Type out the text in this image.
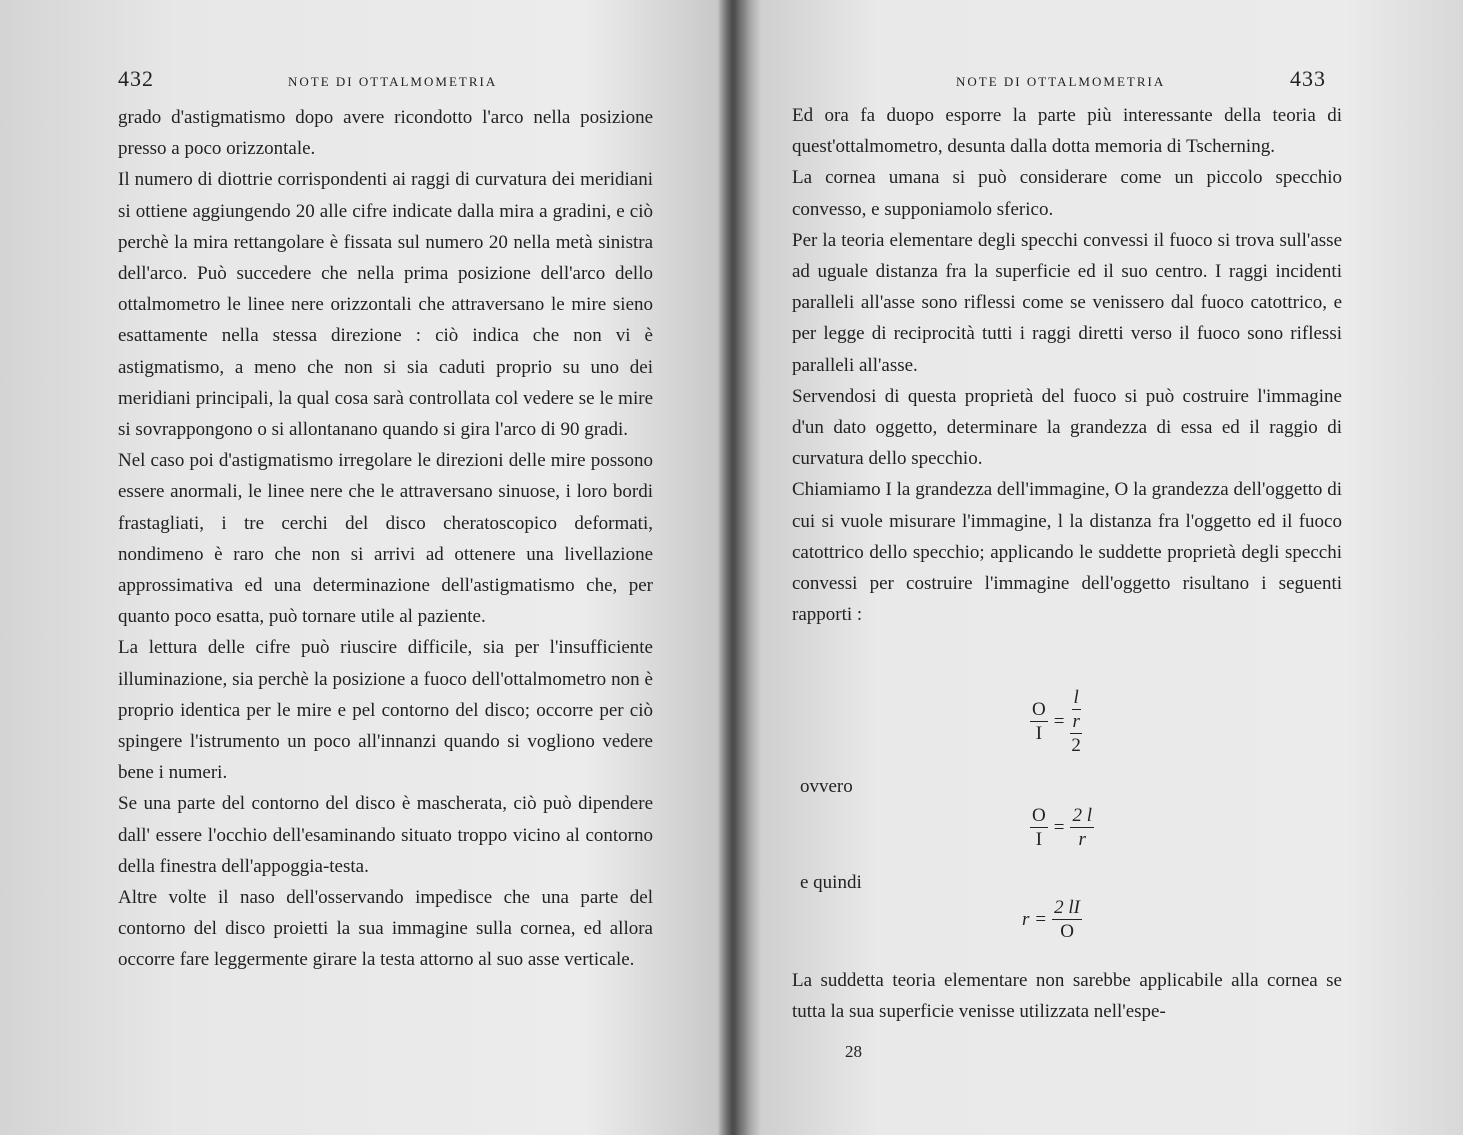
432	NOTE DI OTTALMOMETRIA
grado d'astigmatismo dopo avere ricondotto l'arco nella posizione presso a poco orizzontale.
Il numero di diottrie corrispondenti ai raggi di curvatura dei meridiani si ottiene aggiungendo 20 alle cifre indicate dalla mira a gradini, e ciò perchè la mira rettangolare è fissata sul numero 20 nella metà sinistra dell'arco. Può succedere che nella prima posizione dell'arco dello ottalmometro le linee nere orizzontali che attraversano le mire sieno esattamente nella stessa direzione : ciò indica che non vi è astigmatismo, a meno che non si sia caduti proprio su uno dei meridiani principali, la qual cosa sarà controllata col vedere se le mire si sovrappongono o si allontanano quando si gira l'arco di 90 gradi.
Nel caso poi d'astigmatismo irregolare le direzioni delle mire possono essere anormali, le linee nere che le attraversano sinuose, i loro bordi frastagliati, i tre cerchi del disco cheratoscopico deformati, nondimeno è raro che non si arrivi ad ottenere una livellazione approssimativa ed una determinazione dell'astigmatismo che, per quanto poco esatta, può tornare utile al paziente.
La lettura delle cifre può riuscire difficile, sia per l'insufficiente illuminazione, sia perchè la posizione a fuoco dell'ottalmometro non è proprio identica per le mire e pel contorno del disco; occorre per ciò spingere l'istrumento un poco all'innanzi quando si vogliono vedere bene i numeri.
Se una parte del contorno del disco è mascherata, ciò può dipendere dall' essere l'occhio dell'esaminando situato troppo vicino al contorno della finestra dell'appoggia-testa.
Altre volte il naso dell'osservando impedisce che una parte del contorno del disco proietti la sua immagine sulla cornea, ed allora occorre fare leggermente girare la testa attorno al suo asse verticale.
NOTE DI OTTALMOMETRIA	433
Ed ora fa duopo esporre la parte più interessante della teoria di quest'ottalmometro, desunta dalla dotta memoria di Tscherning.
La cornea umana si può considerare come un piccolo specchio convesso, e supponiamolo sferico.
Per la teoria elementare degli specchi convessi il fuoco si trova sull'asse ad uguale distanza fra la superficie ed il suo centro. I raggi incidenti paralleli all'asse sono riflessi come se venissero dal fuoco catottrico, e per legge di reciprocità tutti i raggi diretti verso il fuoco sono riflessi paralleli all'asse.
Servendosi di questa proprietà del fuoco si può costruire l'immagine d'un dato oggetto, determinare la grandezza di essa ed il raggio di curvatura dello specchio.
Chiamiamo I la grandezza dell'immagine, O la grandezza dell'oggetto di cui si vuole misurare l'immagine, l la distanza fra l'oggetto ed il fuoco catottrico dello specchio; applicando le suddette proprietà degli specchi convessi per costruire l'immagine dell'oggetto risultano i seguenti rapporti :
$\frac{O}{I} = \frac{l}{\frac{r}{2}}$
ovvero
$\frac{O}{I} = \frac{2 l}{r}$
e quindi
$r = \frac{2 lI}{O}$
La suddetta teoria elementare non sarebbe applicabile alla cornea se tutta la sua superficie venisse utilizzata nell'espe-
28
